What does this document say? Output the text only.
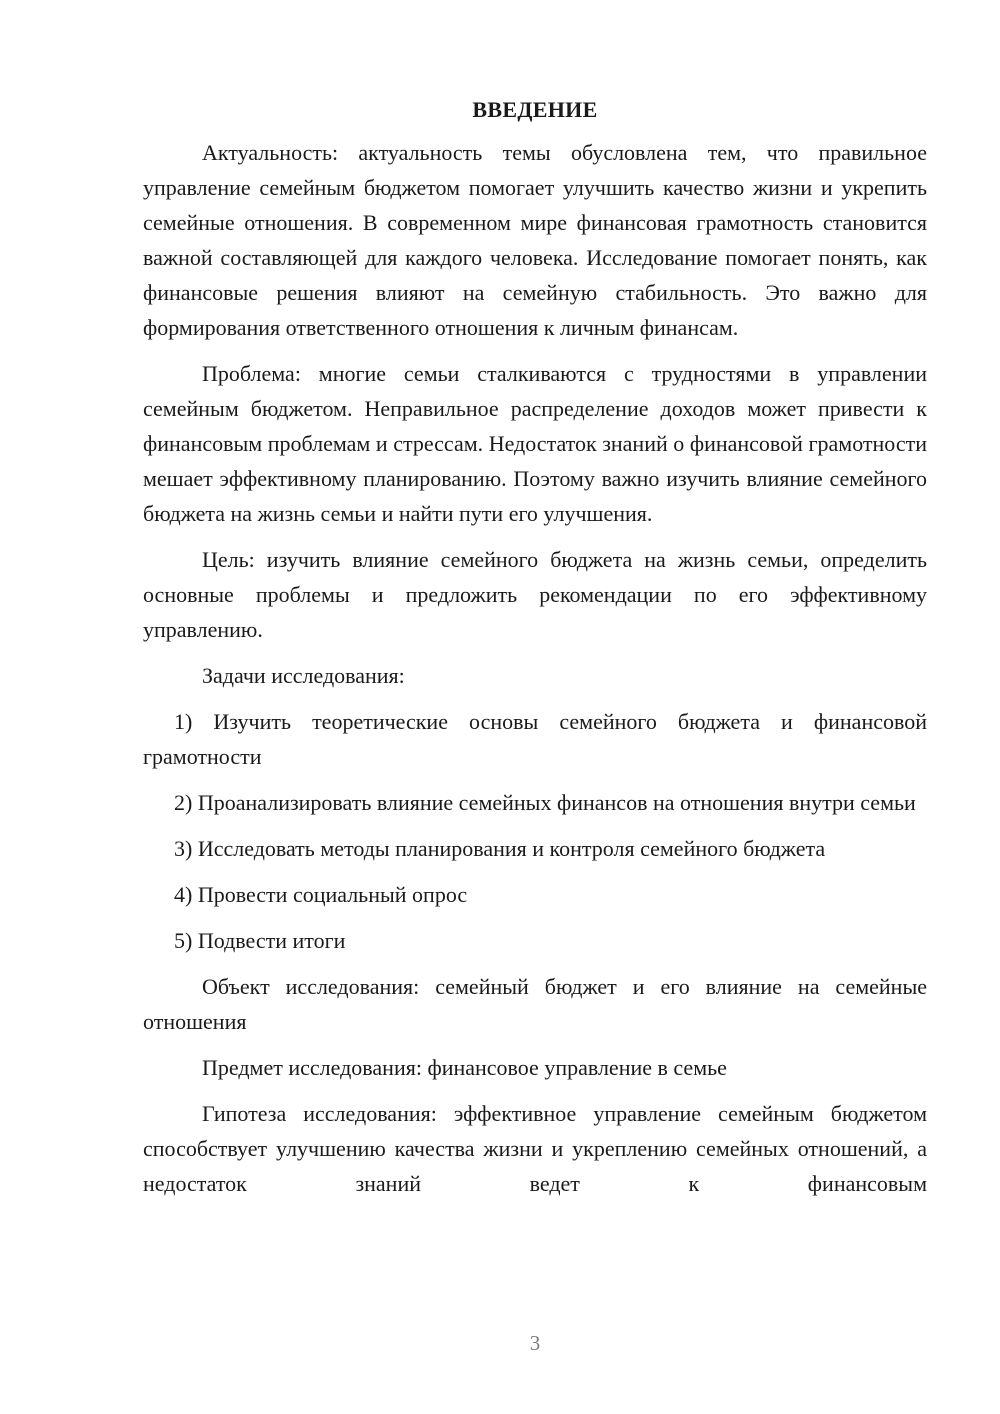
ВВЕДЕНИЕ

Актуальность: актуальность темы обусловлена тем, что правильное управление семейным бюджетом помогает улучшить качество жизни и укрепить семейные отношения. В современном мире финансовая грамотность становится важной составляющей для каждого человека. Исследование помогает понять, как финансовые решения влияют на семейную стабильность. Это важно для формирования ответственного отношения к личным финансам.

Проблема: многие семьи сталкиваются с трудностями в управлении семейным бюджетом. Неправильное распределение доходов может привести к финансовым проблемам и стрессам. Недостаток знаний о финансовой грамотности мешает эффективному планированию. Поэтому важно изучить влияние семейного бюджета на жизнь семьи и найти пути его улучшения.

Цель: изучить влияние семейного бюджета на жизнь семьи, определить основные проблемы и предложить рекомендации по его эффективному управлению.

Задачи исследования:

1) Изучить теоретические основы семейного бюджета и финансовой грамотности

2) Проанализировать влияние семейных финансов на отношения внутри семьи

3) Исследовать методы планирования и контроля семейного бюджета

4) Провести социальный опрос

5) Подвести итоги

Объект исследования: семейный бюджет и его влияние на семейные отношения

Предмет исследования: финансовое управление в семье

Гипотеза исследования: эффективное управление семейным бюджетом способствует улучшению качества жизни и укреплению семейных отношений, а недостаток знаний ведет к финансовым

3
